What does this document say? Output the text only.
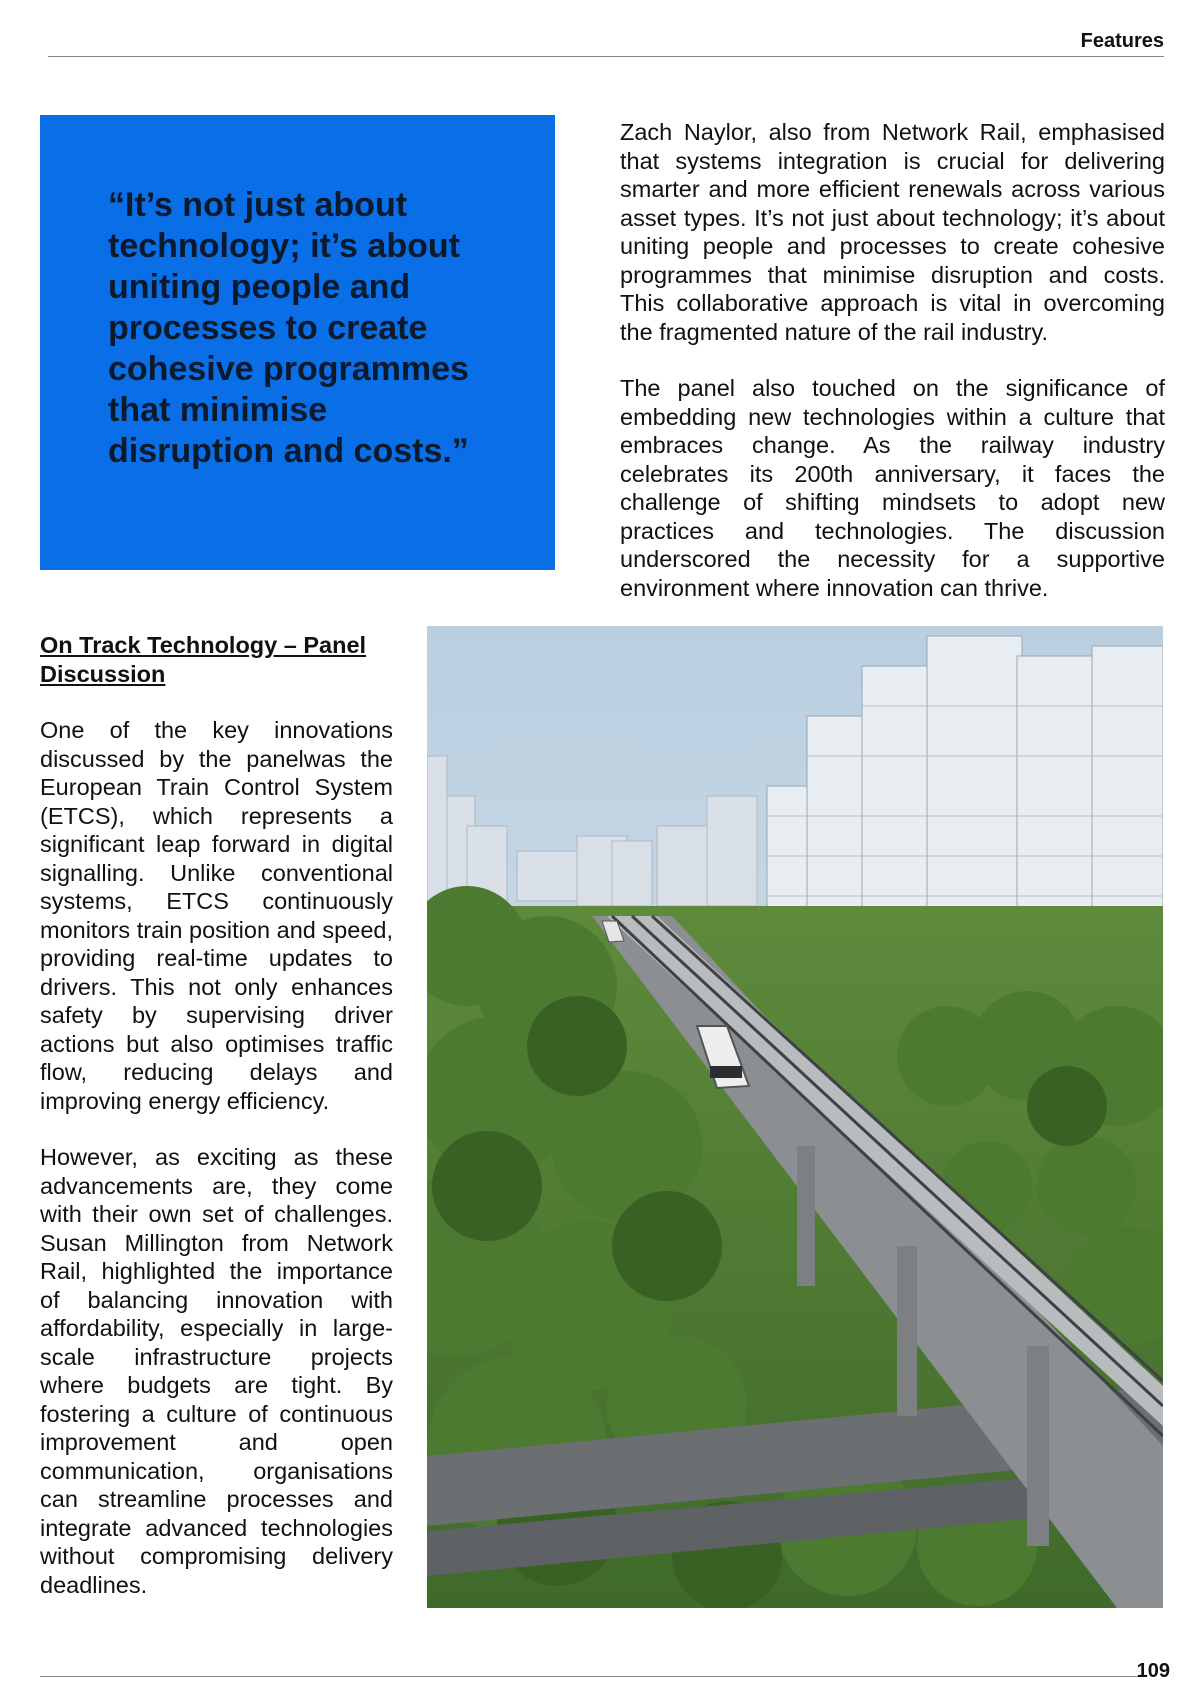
Features

“It’s not just about technology; it’s about uniting people and processes to create cohesive programmes that minimise disruption and costs.”

Zach Naylor, also from Network Rail, emphasised that systems integration is crucial for delivering smarter and more efficient renewals across various asset types. It’s not just about technology; it’s about uniting people and processes to create cohesive programmes that minimise disruption and costs. This collaborative approach is vital in overcoming the fragmented nature of the rail industry.

The panel also touched on the significance of embedding new technologies within a culture that embraces change. As the railway industry celebrates its 200th anniversary, it faces the challenge of shifting mindsets to adopt new practices and technologies. The discussion underscored the necessity for a supportive environment where innovation can thrive.

On Track Technology – Panel Discussion

One of the key innovations discussed by the panelwas the European Train Control System (ETCS), which represents a significant leap forward in digital signalling. Unlike conventional systems, ETCS continuously monitors train position and speed, providing real-time updates to drivers. This not only enhances safety by supervising driver actions but also optimises traffic flow, reducing delays and improving energy efficiency.

However, as exciting as these advancements are, they come with their own set of challenges. Susan Millington from Network Rail, highlighted the importance of balancing innovation with affordability, especially in large-scale infrastructure projects where budgets are tight. By fostering a culture of continuous improvement and open communication, organisations can streamline processes and integrate advanced technologies without compromising delivery deadlines.

109
